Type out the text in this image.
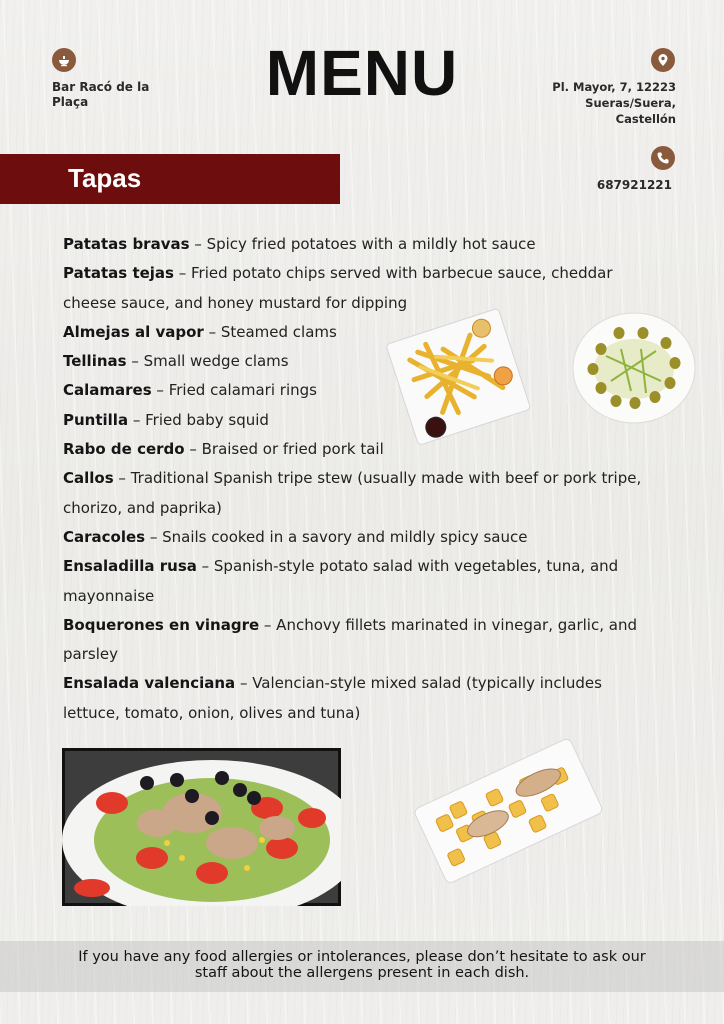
Bar Racó de la Plaça	MENU	Pl. Mayor, 7, 12223 Sueras/Suera, Castellón
687921221
Tapas
Patatas bravas – Spicy fried potatoes with a mildly hot sauce
Patatas tejas – Fried potato chips served with barbecue sauce, cheddar cheese sauce, and honey mustard for dipping
Almejas al vapor – Steamed clams
Tellinas – Small wedge clams
Calamares – Fried calamari rings
Puntilla – Fried baby squid
Rabo de cerdo – Braised or fried pork tail
Callos – Traditional Spanish tripe stew (usually made with beef or pork tripe, chorizo, and paprika)
Caracoles – Snails cooked in a savory and mildly spicy sauce
Ensaladilla rusa – Spanish-style potato salad with vegetables, tuna, and mayonnaise
Boquerones en vinagre – Anchovy fillets marinated in vinegar, garlic, and parsley
Ensalada valenciana – Valencian-style mixed salad (typically includes lettuce, tomato, onion, olives and tuna)

If you have any food allergies or intolerances, please don’t hesitate to ask our staff about the allergens present in each dish.
